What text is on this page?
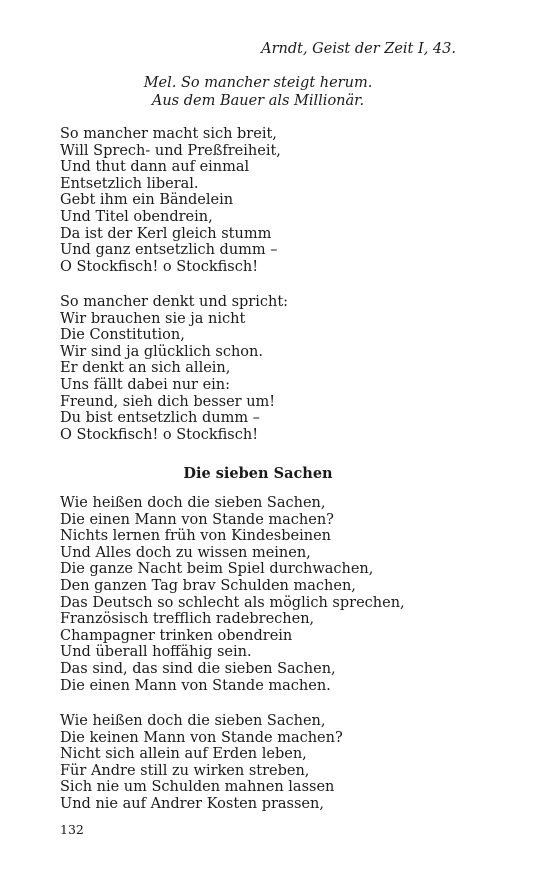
Arndt, Geist der Zeit I, 43.
Mel. So mancher steigt herum.
Aus dem Bauer als Millionär.
So mancher macht sich breit,
Will Sprech- und Preßfreiheit,
Und thut dann auf einmal
Entsetzlich liberal.
Gebt ihm ein Bändelein
Und Titel obendrein,
Da ist der Kerl gleich stumm
Und ganz entsetzlich dumm –
O Stockfisch! o Stockfisch!
So mancher denkt und spricht:
Wir brauchen sie ja nicht
Die Constitution,
Wir sind ja glücklich schon.
Er denkt an sich allein,
Uns fällt dabei nur ein:
Freund, sieh dich besser um!
Du bist entsetzlich dumm –
O Stockfisch! o Stockfisch!
Die sieben Sachen
Wie heißen doch die sieben Sachen,
Die einen Mann von Stande machen?
Nichts lernen früh von Kindesbeinen
Und Alles doch zu wissen meinen,
Die ganze Nacht beim Spiel durchwachen,
Den ganzen Tag brav Schulden machen,
Das Deutsch so schlecht als möglich sprechen,
Französisch trefflich radebrechen,
Champagner trinken obendrein
Und überall hoffähig sein.
Das sind, das sind die sieben Sachen,
Die einen Mann von Stande machen.
Wie heißen doch die sieben Sachen,
Die keinen Mann von Stande machen?
Nicht sich allein auf Erden leben,
Für Andre still zu wirken streben,
Sich nie um Schulden mahnen lassen
Und nie auf Andrer Kosten prassen,
132
